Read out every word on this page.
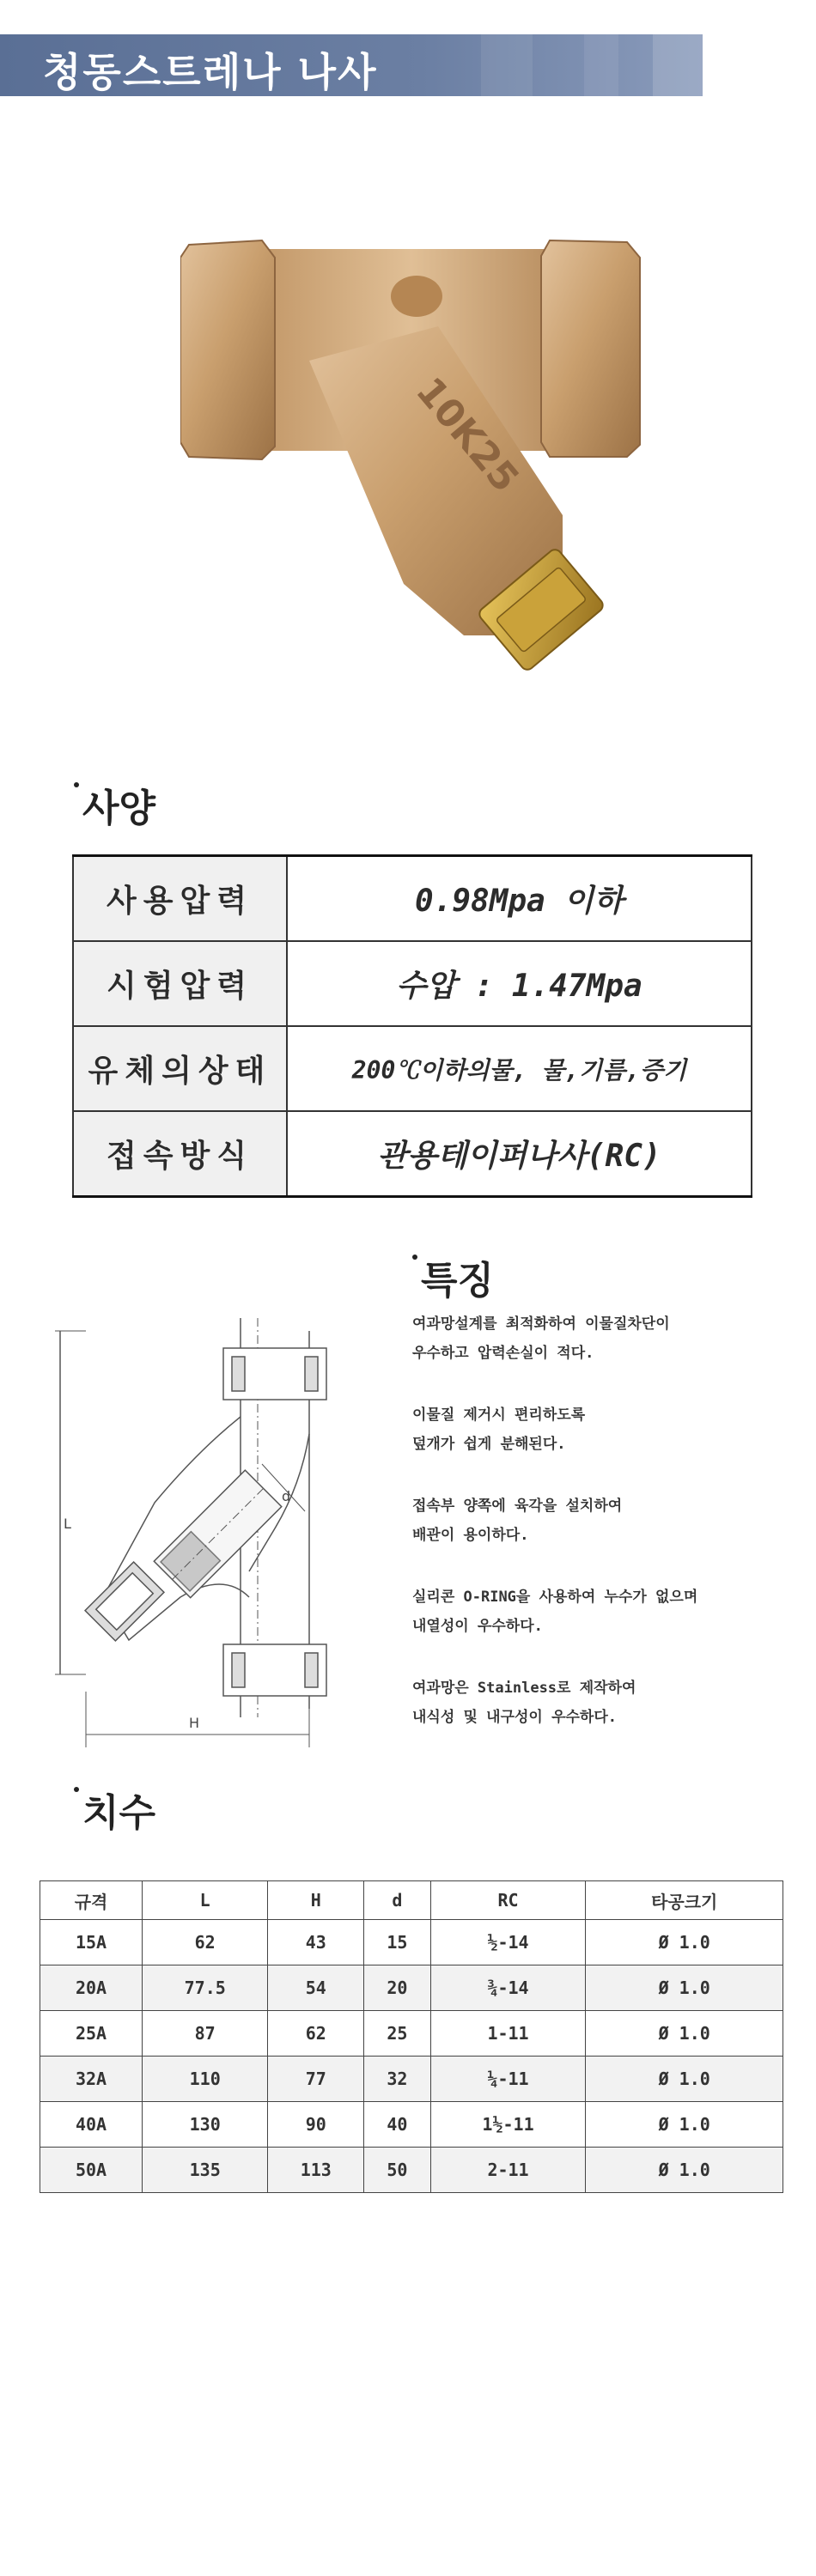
청동스트레나 나사
10K25
사양
사용압력	0.98Mpa 이하
시험압력	수압 : 1.47Mpa
유체의상태	200℃이하의물, 물,기름,증기
접속방식	관용테이퍼나사(RC)
특징
d
L
H
여과망설계를 최적화하여 이물질차단이
우수하고 압력손실이 적다.
이물질 제거시 편리하도록
덮개가 쉽게 분해된다.
접속부 양쪽에 육각을 설치하여
배관이 용이하다.
실리콘 O-RING을 사용하여 누수가 없으며
내열성이 우수하다.
여과망은 Stainless로 제작하여
내식성 및 내구성이 우수하다.
치수
규격	L	H	d	RC	타공크기
15A	62	43	15	½-14	Ø 1.0
20A	77.5	54	20	¾-14	Ø 1.0
25A	87	62	25	1-11	Ø 1.0
32A	110	77	32	¼-11	Ø 1.0
40A	130	90	40	1½-11	Ø 1.0
50A	135	113	50	2-11	Ø 1.0
